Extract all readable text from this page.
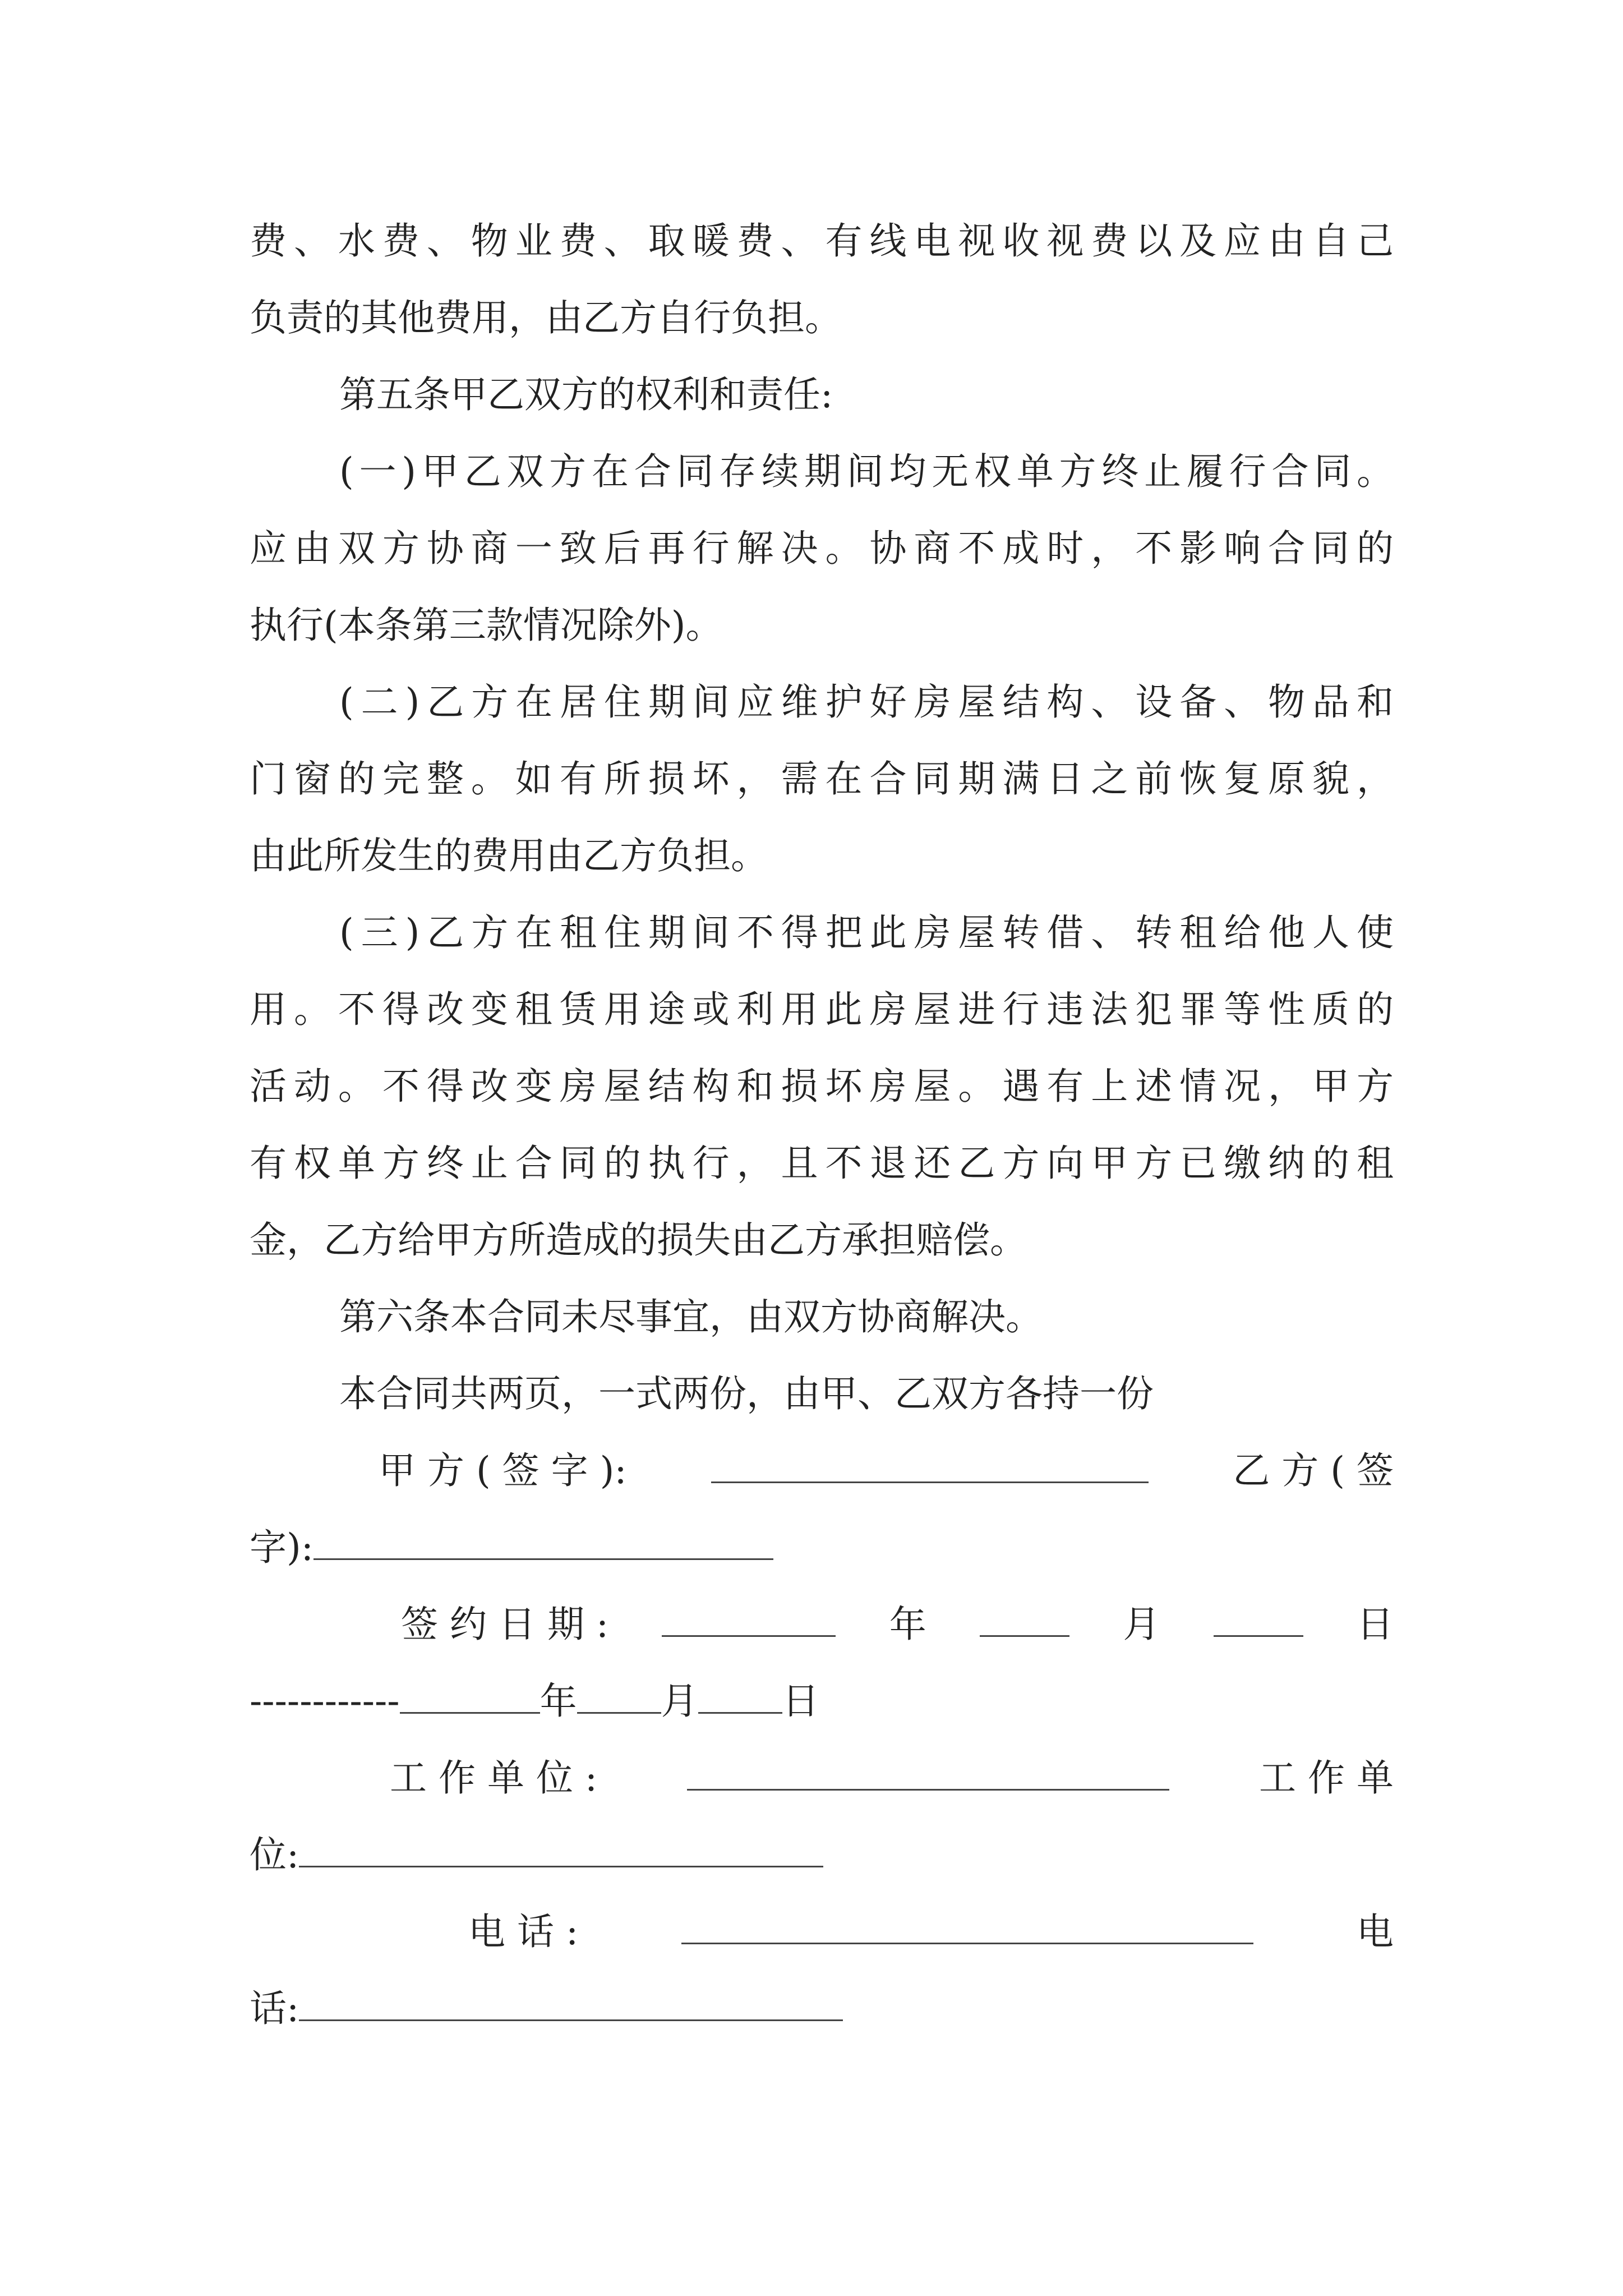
费、水费、物业费、取暖费、有线电视收视费以及应由自己
负责的其他费用，由乙方自行负担。
第五条甲乙双方的权利和责任:
(一)甲乙双方在合同存续期间均无权单方终止履行合同。
应由双方协商一致后再行解决。协商不成时，不影响合同的
执行(本条第三款情况除外)。
(二)乙方在居住期间应维护好房屋结构、设备、物品和
门窗的完整。如有所损坏，需在合同期满日之前恢复原貌，
由此所发生的费用由乙方负担。
(三)乙方在租住期间不得把此房屋转借、转租给他人使
用。不得改变租赁用途或利用此房屋进行违法犯罪等性质的
活动。不得改变房屋结构和损坏房屋。遇有上述情况，甲方
有权单方终止合同的执行，且不退还乙方向甲方已缴纳的租
金，乙方给甲方所造成的损失由乙方承担赔偿。
第六条本合同未尽事宜，由双方协商解决。
本合同共两页，一式两份，由甲、乙双方各持一份
甲 方 ( 签 字 ):	乙 方 ( 签
字):
签 约 日 期 :	年	月	日
------------	年 月 日
工 作 单 位 :	工 作 单
位:
电 话 :	电
话:
